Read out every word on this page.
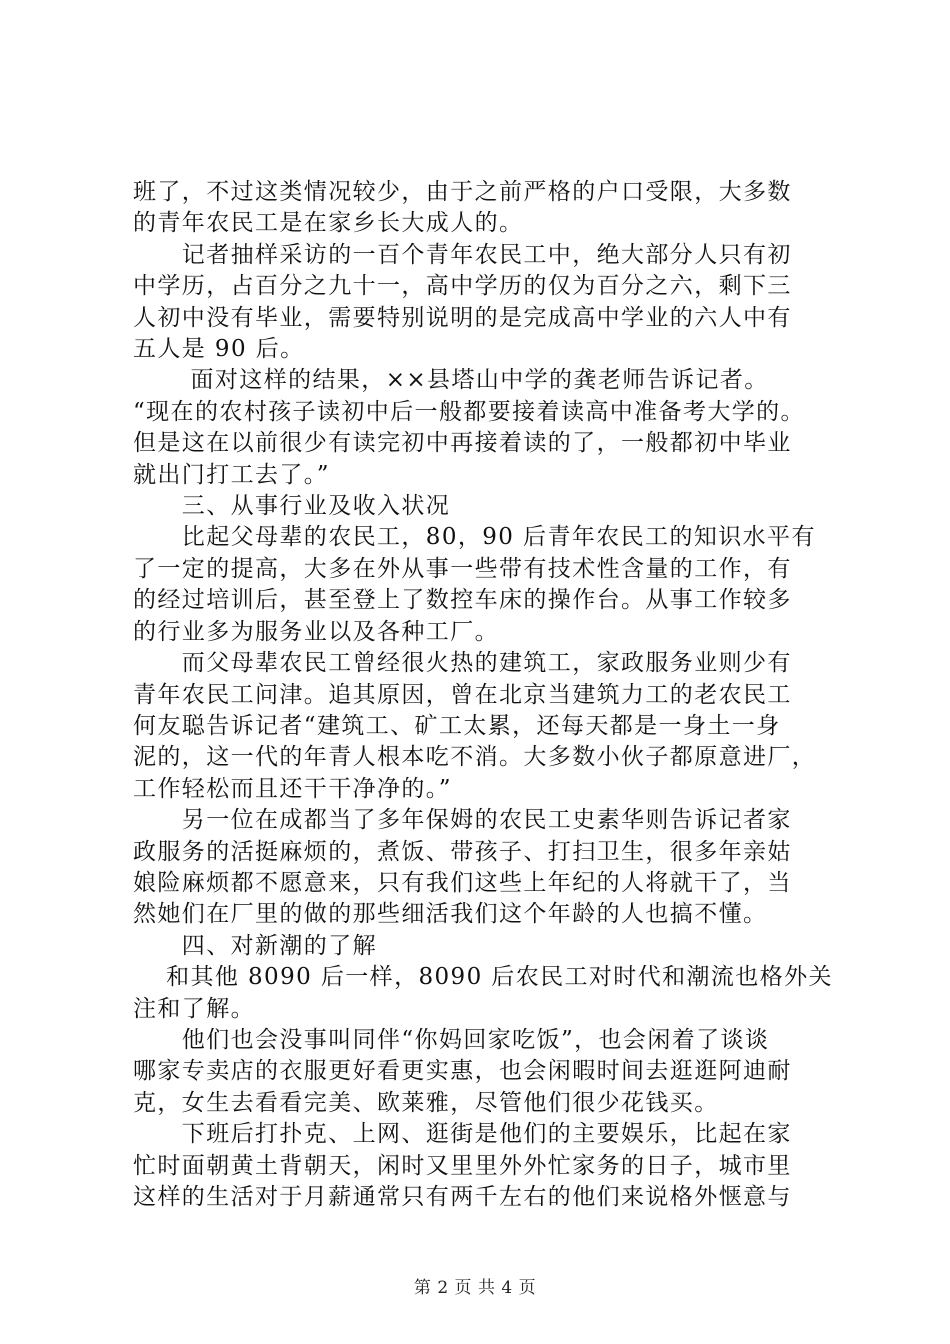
班了，不过这类情况较少，由于之前严格的户口受限，大多数

的青年农民工是在家乡长大成人的。

　　记者抽样采访的一百个青年农民工中，绝大部分人只有初

中学历，占百分之九十一，高中学历的仅为百分之六，剩下三

人初中没有毕业，需要特别说明的是完成高中学业的六人中有

五人是 90 后。

　　 面对这样的结果，××县塔山中学的龚老师告诉记者。

“现在的农村孩子读初中后一般都要接着读高中准备考大学的。

但是这在以前很少有读完初中再接着读的了，一般都初中毕业

就出门打工去了。”

　　三、从事行业及收入状况

　　比起父母辈的农民工，80，90 后青年农民工的知识水平有

了一定的提高，大多在外从事一些带有技术性含量的工作，有

的经过培训后，甚至登上了数控车床的操作台。从事工作较多

的行业多为服务业以及各种工厂。

　　而父母辈农民工曾经很火热的建筑工，家政服务业则少有

青年农民工问津。追其原因，曾在北京当建筑力工的老农民工

何友聪告诉记者“建筑工、矿工太累，还每天都是一身土一身

泥的，这一代的年青人根本吃不消。大多数小伙子都原意进厂，

工作轻松而且还干干净净的。”

　　另一位在成都当了多年保姆的农民工史素华则告诉记者家

政服务的活挺麻烦的，煮饭、带孩子、打扫卫生，很多年亲姑

娘险麻烦都不愿意来，只有我们这些上年纪的人将就干了，当

然她们在厂里的做的那些细活我们这个年龄的人也搞不懂。

　　四、对新潮的了解

　 和其他 8090 后一样，8090 后农民工对时代和潮流也格外关

注和了解。

　　他们也会没事叫同伴“你妈回家吃饭”，也会闲着了谈谈

哪家专卖店的衣服更好看更实惠，也会闲暇时间去逛逛阿迪耐

克，女生去看看完美、欧莱雅，尽管他们很少花钱买。

　　下班后打扑克、上网、逛街是他们的主要娱乐，比起在家

忙时面朝黄土背朝天，闲时又里里外外忙家务的日子，城市里

这样的生活对于月薪通常只有两千左右的他们来说格外惬意与

第 2 页 共 4 页
